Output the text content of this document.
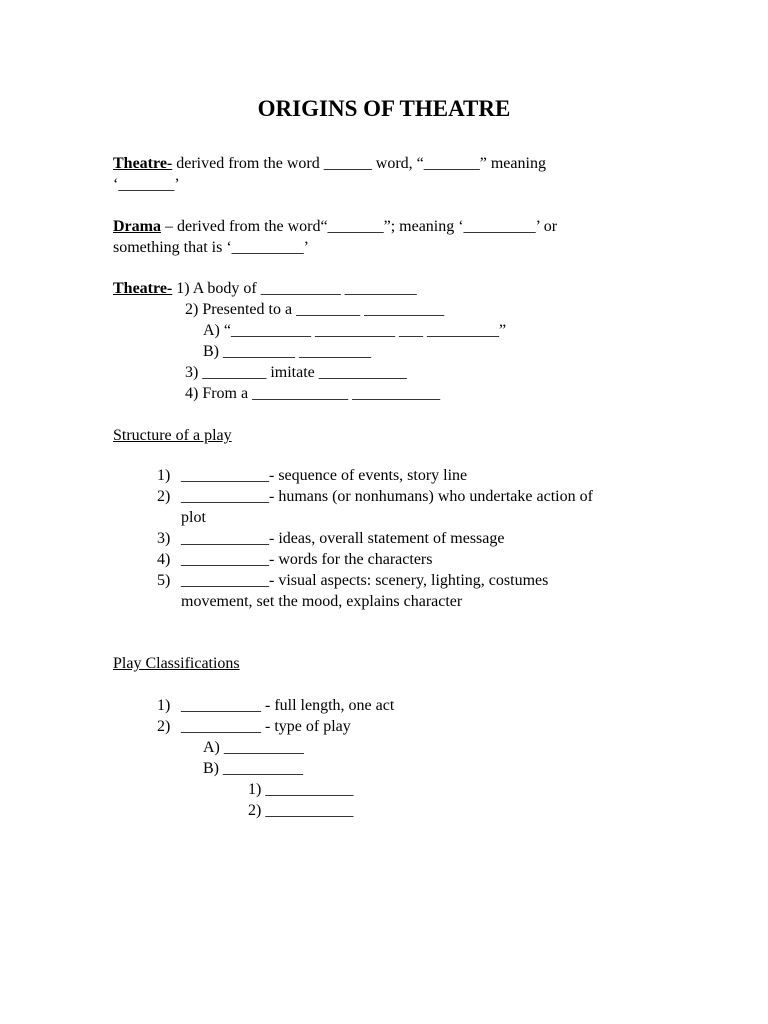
ORIGINS OF THEATRE
Theatre- derived from the word ______ word, “_______” meaning
‘_______’
Drama – derived from the word“_______”; meaning ‘_________’ or
something that is ‘_________’
Theatre- 1) A body of __________ _________
2) Presented to a ________ __________
A) “__________ __________ ___ _________”
B) _________ _________
3) ________ imitate ___________
4) From a ____________ ___________
Structure of a play
1) ___________- sequence of events, story line
2) ___________- humans (or nonhumans) who undertake action of
plot
3) ___________- ideas, overall statement of message
4) ___________- words for the characters
5) ___________- visual aspects: scenery, lighting, costumes
movement, set the mood, explains character
Play Classifications
1) __________ - full length, one act
2) __________ - type of play
A) __________
B) __________
1) ___________
2) ___________
